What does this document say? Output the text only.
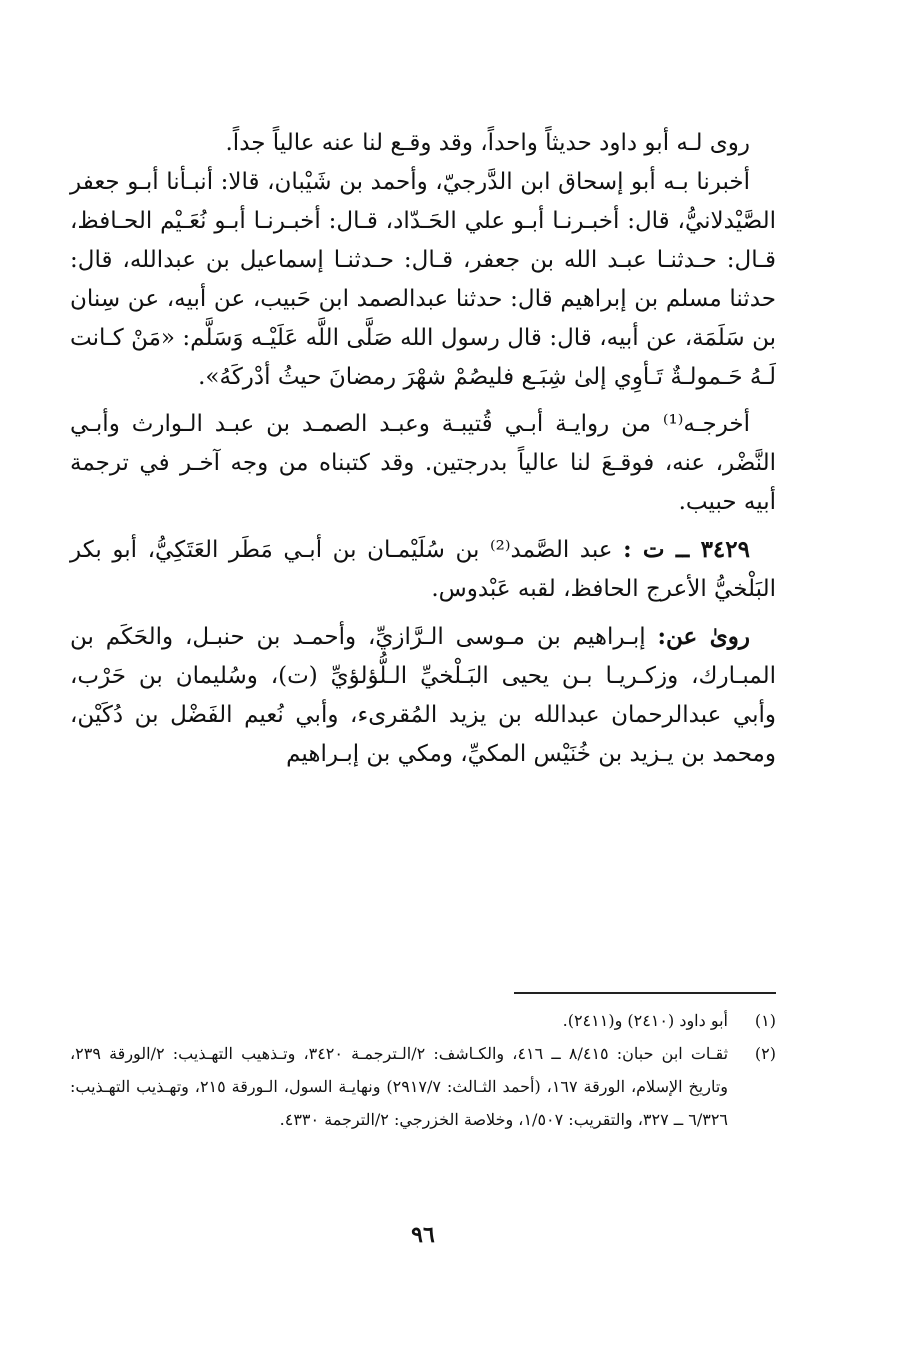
روى لـه أبو داود حديثاً واحداً، وقد وقـع لنا عنه عالياً جداً.

أخبرنا بـه أبو إسحاق ابن الدَّرجيّ، وأحمد بن شَيْبان، قالا: أنبـأنا أبـو جعفر الصَّيْدلانيُّ، قال: أخبـرنـا أبـو علي الحَـدّاد، قـال: أخبـرنـا أبـو نُعَـيْم الحـافظ، قـال: حـدثنـا عبـد الله بن جعفر، قـال: حـدثنـا إسماعيل بن عبدالله، قال: حدثنا مسلم بن إبراهيم قال: حدثنا عبدالصمد ابن حَبيب، عن أبيه، عن سِنان بن سَلَمَة، عن أبيه، قال: قال رسول الله صَلَّى اللَّه عَلَيْـه وَسَلَّم: «مَنْ كـانت لَـهُ حَـمولـةٌ تَـأوِي إلىٰ شِبَـع فليصُمْ شهْرَ رمضانَ حيثُ أدْركَهُ».

أخرجـه⁽¹⁾ من روايـة أبـي قُتيبـة وعبـد الصمـد بن عبـد الـوارث وأبـي النَّضْر، عنه، فوقـعَ لنا عالياً بدرجتين. وقد كتبناه من وجه آخـر في ترجمة أبيه حبيب.

٣٤٢٩ ــ ت : عبد الصَّمد⁽²⁾ بن سُلَيْمـان بن أبـي مَطَر العَتَكِيُّ، أبو بكر البَلْخيُّ الأعرج الحافظ، لقبه عَبْدوس.

روىٰ عن: إبـراهيم بن مـوسى الـرَّازيِّ، وأحمـد بن حنبـل، والحَكَم بن المبـارك، وزكـريـا بـن يحيى البَـلْخيِّ الـلُّؤلؤيِّ (ت)، وسُليمان بن حَرْب، وأبي عبدالرحمان عبدالله بن يزيد المُقرىء، وأبي نُعيم الفَضْل بن دُكَيْن، ومحمد بن يـزيد بن خُنَيْس المكيِّ، ومكي بن إبـراهيم

(١)
أبو داود (٢٤١٠) و(٢٤١١).

(٢)
ثقـات ابن حبان: ٨/٤١٥ ــ ٤١٦، والكـاشف: ٢/الـترجمـة ٣٤٢٠، وتـذهيب التهـذيب: ٢/الورقة ٢٣٩، وتاريخ الإسلام، الورقة ١٦٧، (أحمد الثـالث: ٢٩١٧/٧) ونهايـة السول، الـورقة ٢١٥، وتهـذيب التهـذيب: ٦/٣٢٦ ــ ٣٢٧، والتقريب: ١/٥٠٧، وخلاصة الخزرجي: ٢/الترجمة ٤٣٣٠.

٩٦
